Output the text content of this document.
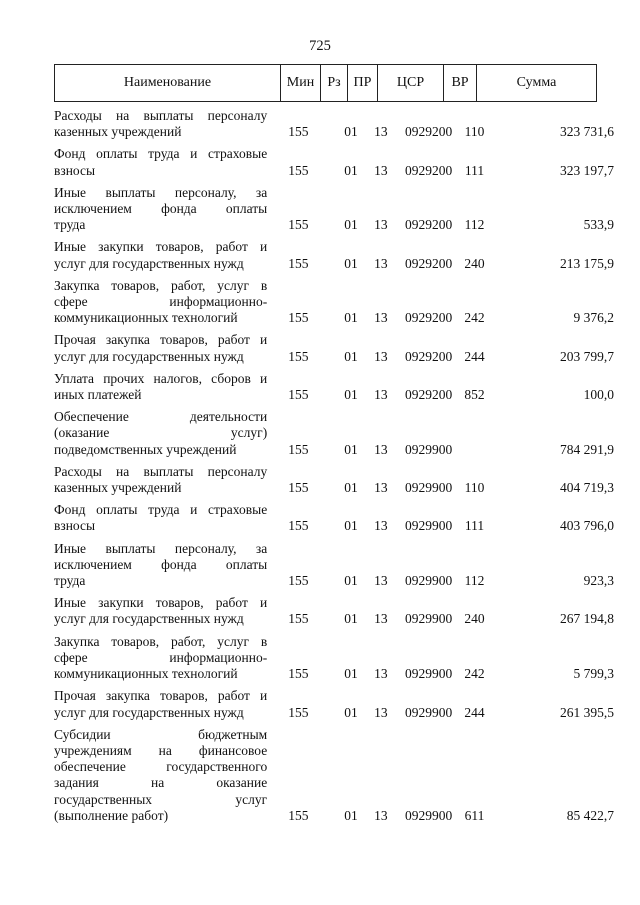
725
Наименование	Мин Рз ПР	ЦСР	ВР	Сумма
Расходы на выплаты персоналу
казенных учреждений	155	01	13	0929200 110	323 731,6
Фонд оплаты труда и страховые
взносы	155	01	13	0929200 111	323 197,7
Иные выплаты персоналу, за
исключением фонда оплаты
труда	155	01	13	0929200 112	533,9
Иные закупки товаров, работ и
услуг для государственных нужд	155	01	13	0929200 240	213 175,9
Закупка товаров, работ, услуг в
сфере информационно-
коммуникационных технологий	155	01	13	0929200 242	9 376,2
Прочая закупка товаров, работ и
услуг для государственных нужд	155	01	13	0929200 244	203 799,7
Уплата прочих налогов, сборов и
иных платежей	155	01	13	0929200 852	100,0
Обеспечение деятельности
(оказание услуг)
подведомственных учреждений	155	01	13	0929900	784 291,9
Расходы на выплаты персоналу
казенных учреждений	155	01	13	0929900 110	404 719,3
Фонд оплаты труда и страховые
взносы	155	01	13	0929900 111	403 796,0
Иные выплаты персоналу, за
исключением фонда оплаты
труда	155	01	13	0929900 112	923,3
Иные закупки товаров, работ и
услуг для государственных нужд	155	01	13	0929900 240	267 194,8
Закупка товаров, работ, услуг в
сфере информационно-
коммуникационных технологий	155	01	13	0929900 242	5 799,3
Прочая закупка товаров, работ и
услуг для государственных нужд	155	01	13	0929900 244	261 395,5
Субсидии бюджетным
учреждениям на финансовое
обеспечение государственного
задания на оказание
государственных услуг
(выполнение работ)	155	01	13	0929900 611	85 422,7
